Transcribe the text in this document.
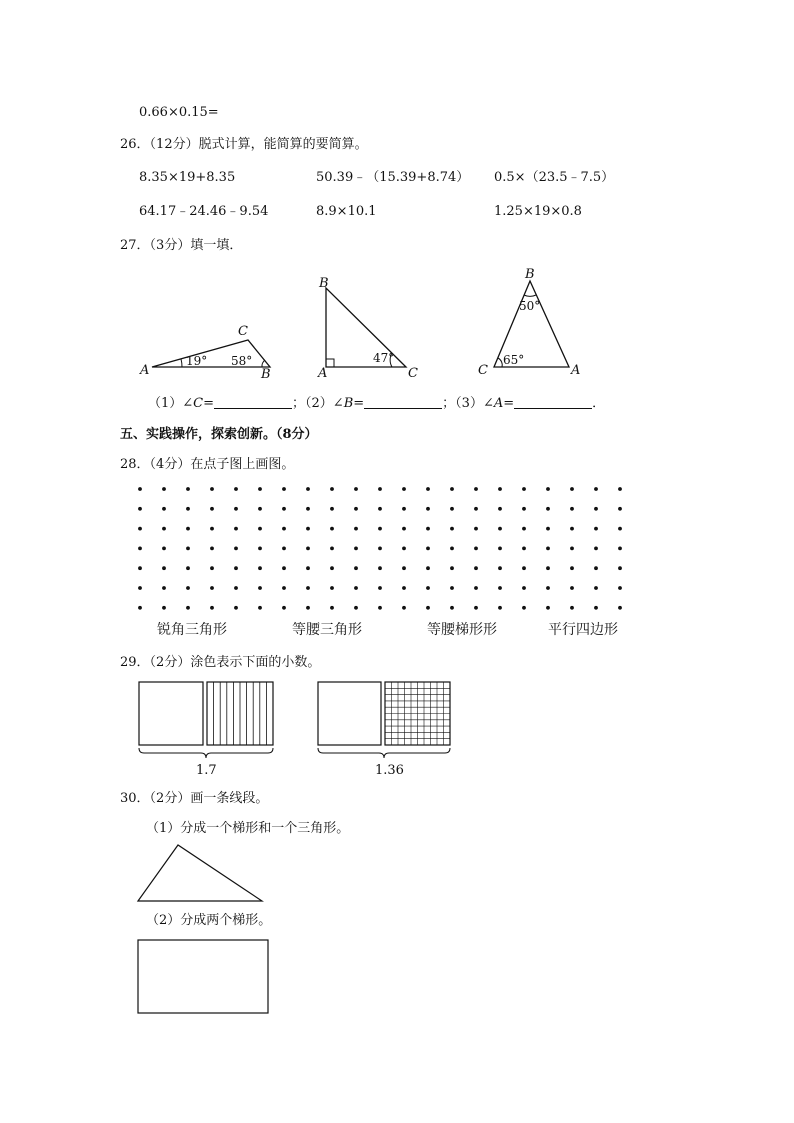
0.66×0.15=
26．（12分）脱式计算，能简算的要简算。
8.35×19+8.35	50.39﹣（15.39+8.74） 0.5×（23.5﹣7.5）
64.17﹣24.46﹣9.54	8.9×10.1	1.25×19×0.8
27．（3分）填一填．
A
C
B
19° 58°
B
A	C
47°
B
C	A
50°
65°
（1）∠C=	；（2）∠B=	；（3）∠A=	．
五、实践操作，探索创新。（8分）
28．（4分）在点子图上画图。
锐角三角形	等腰三角形	等腰梯形形	平行四边形
29．（2分）涂色表示下面的小数。
1.7	1.36
30．（2分）画一条线段。
（1）分成一个梯形和一个三角形。
（2）分成两个梯形。
